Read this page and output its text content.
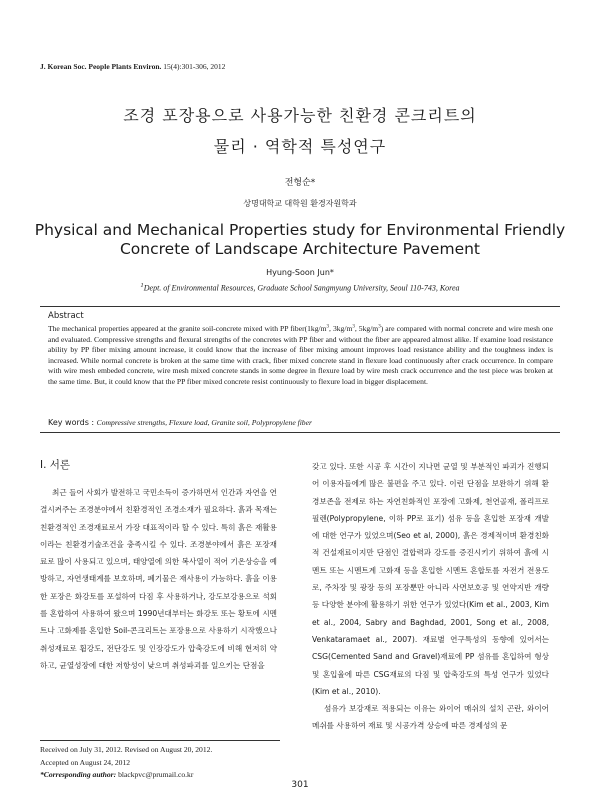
J. Korean Soc. People Plants Environ. 15(4):301-306, 2012
조경 포장용으로 사용가능한 친환경 콘크리트의
물리 · 역학적 특성연구
전형순*
상명대학교 대학원 환경자원학과
Physical and Mechanical Properties study for Environmental Friendly
Concrete of Landscape Architecture Pavement
Hyung-Soon Jun*
$^1$Dept. of Environmental Resources, Graduate School Sangmyung University, Seoul 110-743, Korea
Abstract

The mechanical properties appeared at the granite soil-concrete mixed with PP $fiber(1kg/m^3$, $3kg/m^3$, $5kg/m^3$) are compared with normal concrete and wire mesh one and evaluated. Compressive strengths and flexural strengths of the concretes with PP fiber and without the fiber are appeared almost alike. If examine load resistance ability by PP fiber mixing amount increase, it could know that the increase of fiber mixing amount improves load resistance ability and the toughness index is increased. While normal concrete is broken at the same time with crack, fiber mixed concrete stand in flexure load continuously after crack occurrence. In compare with wire mesh embeded concrete, wire mesh mixed concrete stands in some degree in flexure load by wire mesh crack occurrence and the test piece was broken at the same time. But, it could know that the PP fiber mixed concrete resist continuously to flexure load in bigger displacement.

Key words : Compressive strengths, Flexure load, Granite soil, Polypropylene fiber
Ⅰ. 서론

최근 들어 사회가 발전하고 국민소득이 증가하면서 인간과 자연을 연결시켜주는 조경분야에서 친환경적인 조경소재가 필요하다. 흙과 목재는 친환경적인 조경재료로서 가장 대표적이라 할 수 있다. 특히 흙은 재활용이라는 친환경기술조건을 충족시킬 수 있다. 조경분야에서 흙은 포장재료로 많이 사용되고 있으며, 태양열에 의한 복사열이 적어 기온상승을 예방하고, 자연생태계를 보호하며, 폐기물은 재사용이 가능하다. 흙을 이용한 포장은 화강토를 포설하여 다짐 후 사용하거나, 강도보강용으로 석회를 혼합하여 사용하여 왔으며 1990년대부터는 화강토 또는 황토에 시멘트나 고화제를 혼입한 Soil-콘크리트는 포장용으로 사용하기 시작했으나 취성재료로 휨강도, 전단강도 및 인장강도가 압축강도에 비해 현저히 약하고, 균열성장에 대한 저항성이 낮으며 취성파괴를 일으키는 단점을

갖고 있다. 또한 시공 후 시간이 지나면 균열 및 부분적인 파괴가 진행되어 이용자들에게 많은 불편을 주고 있다. 이런 단점을 보완하기 위해 환경보존을 전제로 하는 자연친화적인 포장에 고화제, 천연골재, 폴리프로필렌(Polypropylene, 이하 PP로 표기) 섬유 등을 혼입한 포장재 개발에 대한 연구가 있었으며(Seo et al, 2000), 흙은 경제적이며 환경친화적 건설재료이지만 단점인 결합력과 강도를 증진시키기 위하여 흙에 시멘트 또는 시멘트계 고화재 등을 혼입한 시멘트 혼합토를 자전거 전용도로, 주차장 및 광장 등의 포장뿐만 아니라 사면보호공 및 연약지반 개량 등 다양한 분야에 활용하기 위한 연구가 있었다(Kim et al., 2003, Kim et al., 2004, Sabry and Baghdad, 2001, Song et al., 2008, Venkataramaet al., 2007). 재료별 연구특성의 동향에 있어서는 CSG(Cemented Sand and Gravel)재료에 PP 섬유를 혼입하여 형상 및 혼입율에 따른 CSG재료의 다짐 및 압축강도의 특성 연구가 있었다(Kim et al., 2010).

섬유가 보강재로 적용되는 이유는 와이어 매쉬의 설치 곤란, 와이어 메쉬를 사용하여 재료 및 시공가격 상승에 따른 경제성의 문

Received on July 31, 2012. Revised on August 20, 2012.
Accepted on August 24, 2012
*Corresponding author: blackpvc@prumail.co.kr
301
